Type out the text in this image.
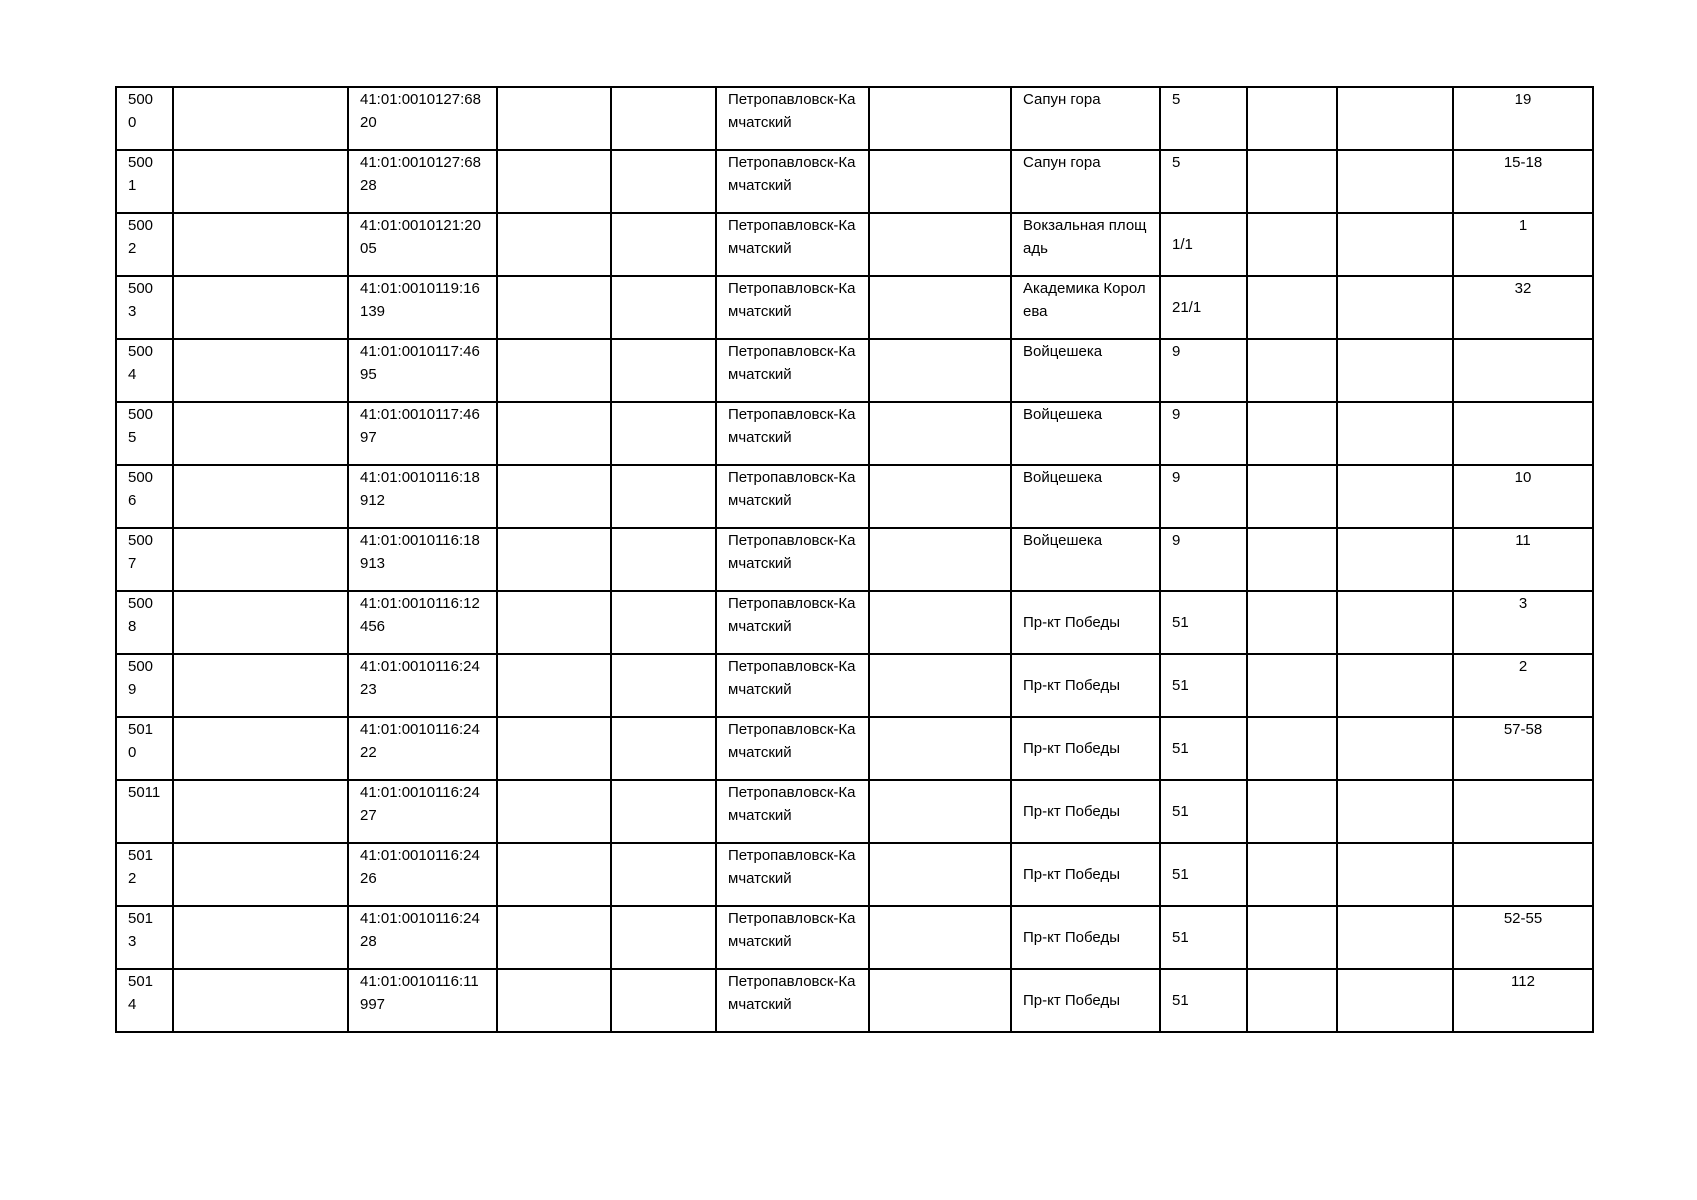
5000		41:01:0010127:6820			Петропавловск-Камчатский		Сапун гора	5			19
5001		41:01:0010127:6828			Петропавловск-Камчатский		Сапун гора	5			15-18
5002		41:01:0010121:2005			Петропавловск-Камчатский		Вокзальная площадь	1/1			1
5003		41:01:0010119:16139			Петропавловск-Камчатский		Академика Королева	21/1			32
5004		41:01:0010117:4695			Петропавловск-Камчатский		Войцешека	9			
5005		41:01:0010117:4697			Петропавловск-Камчатский		Войцешека	9			
5006		41:01:0010116:18912			Петропавловск-Камчатский		Войцешека	9			10
5007		41:01:0010116:18913			Петропавловск-Камчатский		Войцешека	9			11
5008		41:01:0010116:12456			Петропавловск-Камчатский		Пр-кт Победы	51			3
5009		41:01:0010116:2423			Петропавловск-Камчатский		Пр-кт Победы	51			2
5010		41:01:0010116:2422			Петропавловск-Камчатский		Пр-кт Победы	51			57-58
5011		41:01:0010116:2427			Петропавловск-Камчатский		Пр-кт Победы	51			
5012		41:01:0010116:2426			Петропавловск-Камчатский		Пр-кт Победы	51			
5013		41:01:0010116:2428			Петропавловск-Камчатский		Пр-кт Победы	51			52-55
5014		41:01:0010116:11997			Петропавловск-Камчатский		Пр-кт Победы	51			112
